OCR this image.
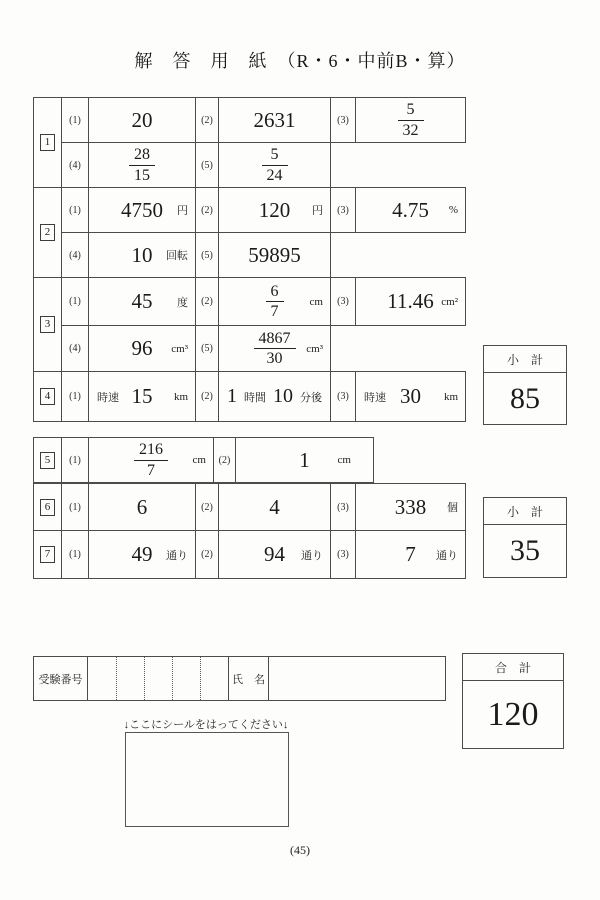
解　答　用　紙　（R・6・中前B・算）
1
(1)	20	(2) 2631	(3)	$\frac{5}{32}$
(4)	$\frac{28}{15}$	(5)	$\frac{5}{24}$
2
(1)	4750 円	(2) 120 円	(3)	4.75 %
(4)	10 回転	(5) 59895
3
(1)	45 度	(2)	$\frac{6}{7}$ cm	(3)	11.46 cm²
(4)	96 cm³	(5)	$\frac{4867}{30} cm^3$
4	(1)	時速 15 km	(2) 1 時間 10 分後	(3)	時速 30 km
小　計
85
5	(1)	$\frac{216}{7}$ cm	(2)	1	cm
6	(1)	6	(2)	4	(3)	338 個
7	(1)	49 通り	(2) 94 通り	(3)	7 通り
小　計
35
受験番号	氏　名
合　計
120
↓ここにシールをはってください↓
(45)
